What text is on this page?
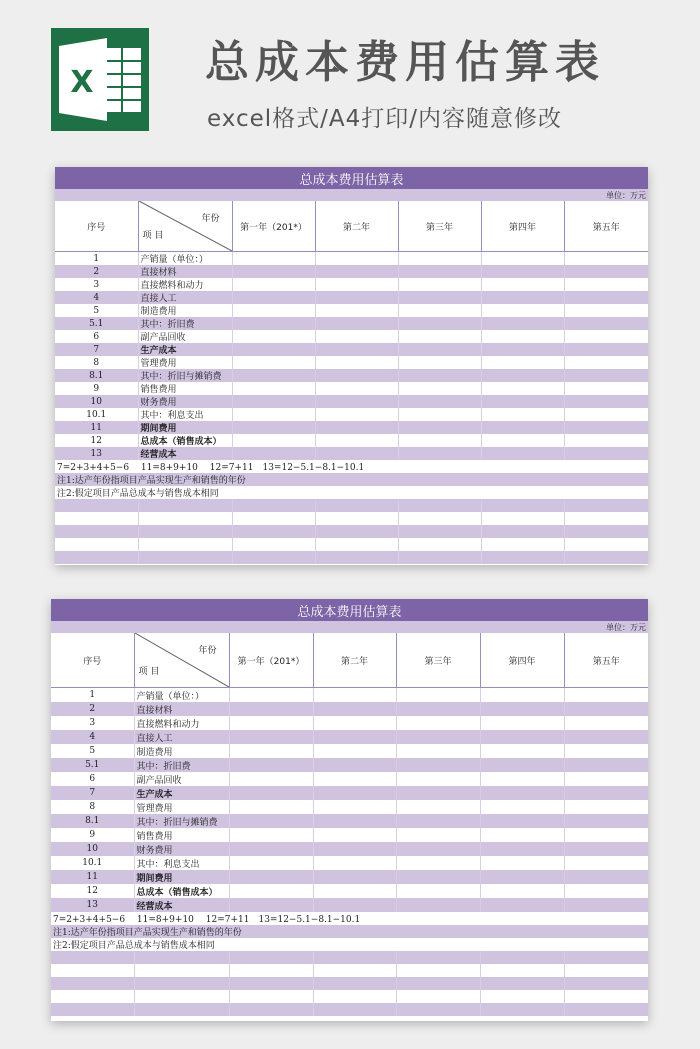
X	总成本费用估算表
excel格式/A4打印/内容随意修改
总成本费用估算表						
单位：万元						
序号	年份
项 目	第一年（201*）	第二年	第三年	第四年	第五年
1	产销量（单位：）					
2	直接材料					
3	直接燃料和动力					
4	直接人工					
5	制造费用					
5.1	其中：折旧费					
6	副产品回收					
7	生产成本					
8	管理费用					
8.1	其中：折旧与摊销费					
9	销售费用					
10	财务费用					
10.1	其中：利息支出					
11	期间费用					
12	总成本（销售成本）					
13	经营成本					
7=2+3+4+5−6　 11=8+9+10　 12=7+11　13=12−5.1−8.1−10.1						
注1:达产年份指项目产品实现生产和销售的年份						
注2:假定项目产品总成本与销售成本相同						

总成本费用估算表						
单位：万元						
序号	年份
项 目	第一年（201*）	第二年	第三年	第四年	第五年
1	产销量（单位：）					
2	直接材料					
3	直接燃料和动力					
4	直接人工					
5	制造费用					
5.1	其中：折旧费					
6	副产品回收					
7	生产成本					
8	管理费用					
8.1	其中：折旧与摊销费					
9	销售费用					
10	财务费用					
10.1	其中：利息支出					
11	期间费用					
12	总成本（销售成本）					
13	经营成本					
7=2+3+4+5−6　 11=8+9+10　 12=7+11　13=12−5.1−8.1−10.1						
注1:达产年份指项目产品实现生产和销售的年份						
注2:假定项目产品总成本与销售成本相同						
